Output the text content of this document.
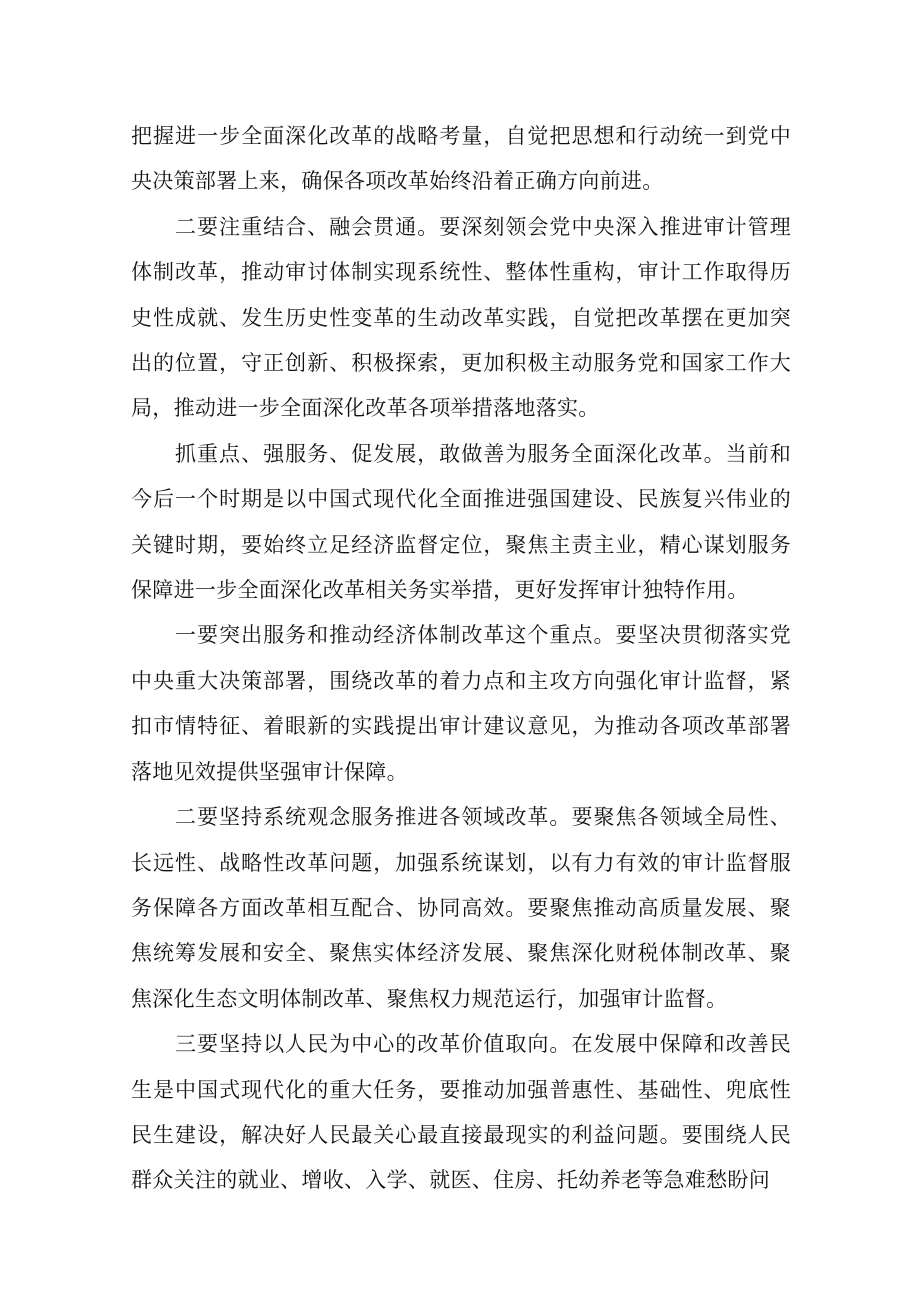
把握进一步全面深化改革的战略考量，自觉把思想和行动统一到党中央决策部署上来，确保各项改革始终沿着正确方向前进。

二要注重结合、融会贯通。要深刻领会党中央深入推进审计管理体制改革，推动审讨体制实现系统性、整体性重构，审计工作取得历史性成就、发生历史性变革的生动改革实践，自觉把改革摆在更加突出的位置，守正创新、积极探索，更加积极主动服务党和国家工作大局，推动进一步全面深化改革各项举措落地落实。

抓重点、强服务、促发展，敢做善为服务全面深化改革。当前和今后一个时期是以中国式现代化全面推进强国建设、民族复兴伟业的关键时期，要始终立足经济监督定位，聚焦主责主业，精心谋划服务保障进一步全面深化改革相关务实举措，更好发挥审计独特作用。

一要突出服务和推动经济体制改革这个重点。要坚决贯彻落实党中央重大决策部署，围绕改革的着力点和主攻方向强化审计监督，紧扣市情特征、着眼新的实践提出审计建议意见，为推动各项改革部署落地见效提供坚强审计保障。

二要坚持系统观念服务推进各领域改革。要聚焦各领域全局性、长远性、战略性改革问题，加强系统谋划，以有力有效的审计监督服务保障各方面改革相互配合、协同高效。要聚焦推动高质量发展、聚焦统筹发展和安全、聚焦实体经济发展、聚焦深化财税体制改革、聚焦深化生态文明体制改革、聚焦权力规范运行，加强审计监督。

三要坚持以人民为中心的改革价值取向。在发展中保障和改善民生是中国式现代化的重大任务，要推动加强普惠性、基础性、兜底性民生建设，解决好人民最关心最直接最现实的利益问题。要围绕人民群众关注的就业、增收、入学、就医、住房、托幼养老等急难愁盼问
